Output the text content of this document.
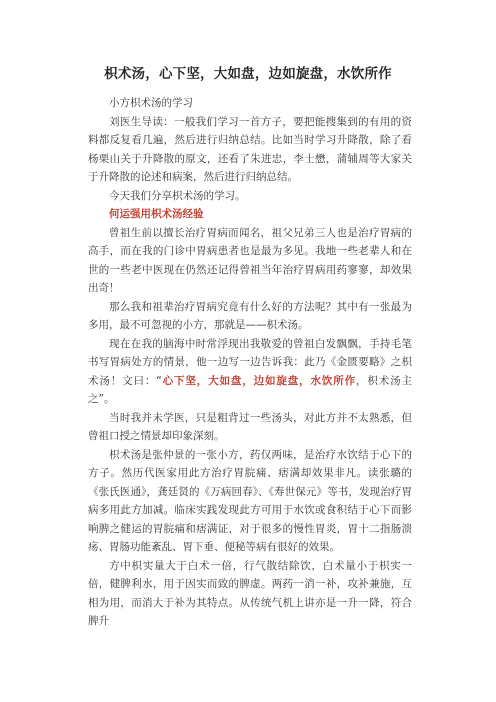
枳术汤，心下坚，大如盘，边如旋盘，水饮所作

小方枳术汤的学习

刘医生导读：一般我们学习一首方子，要把能搜集到的有用的资料都反复看几遍，然后进行归纳总结。比如当时学习升降散，除了看杨栗山关于升降散的原文，还看了朱进忠，李士懋，蒲辅周等大家关于升降散的论述和病案，然后进行归纳总结。

今天我们分享枳术汤的学习。

何运强用枳术汤经验

曾祖生前以擅长治疗胃病而闻名，祖父兄弟三人也是治疗胃病的高手，而在我的门诊中胃病患者也是最为多见。我地一些老辈人和在世的一些老中医现在仍然还记得曾祖当年治疗胃病用药寥寥，却效果出奇！

那么我和祖辈治疗胃病究竟有什么好的方法呢？其中有一张最为多用，最不可忽视的小方，那就是——枳术汤。

现在在我的脑海中时常浮现出我敬爱的曾祖白发飘飘，手持毛笔书写胃病处方的情景，他一边写一边告诉我：此乃《金匮要略》之枳术汤！文曰：“心下坚，大如盘，边如旋盘，水饮所作，枳术汤主之”。

当时我并未学医，只是粗背过一些汤头，对此方并不太熟悉，但曾祖口授之情景却印象深刻。

枳术汤是张仲景的一张小方，药仅两味，是治疗水饮结于心下的方子。然历代医家用此方治疗胃脘痛、痞满却效果非凡。读张璐的《张氏医通》，龚廷贤的《万病回春》、《寿世保元》等书，发现治疗胃病多用此方加减。临床实践发现此方可用于水饮或食积结于心下而影响脾之健运的胃脘痛和痞满证，对于很多的慢性胃炎，胃十二指肠溃疡、胃肠功能紊乱、胃下垂、便秘等病有很好的效果。

方中枳实量大于白术一倍，行气散结除饮，白术量小于枳实一倍，健脾利水，用于因实而致的脾虚。两药一消一补，攻补兼施，互相为用，而消大于补为其特点。从传统气机上讲亦是一升一降，符合脾升
